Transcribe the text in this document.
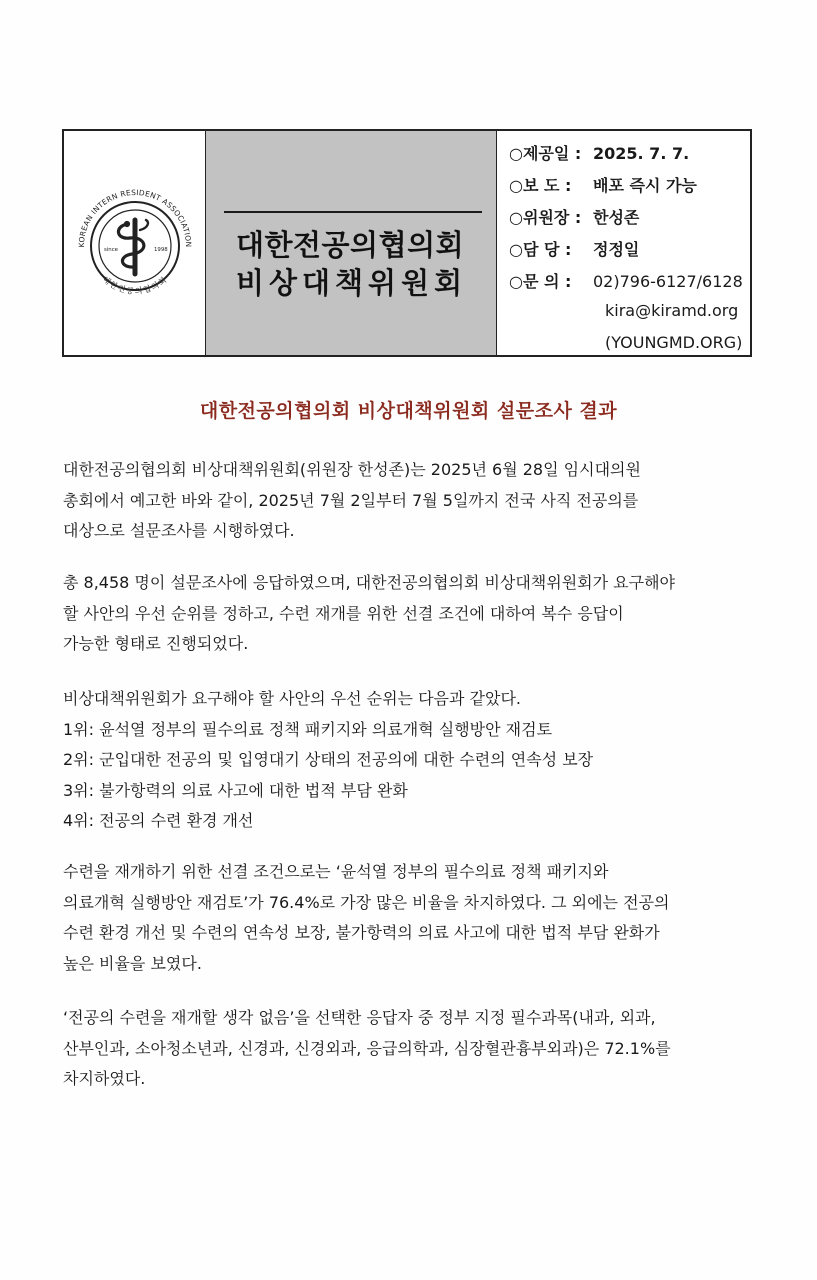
KOREAN INTERN RESIDENT ASSOCIATION
대한전공의협의회
since	1998 대한전공의협의회
비상대책위원회
○제공일 : 2025. 7. 7.
○보 도 :	배포 즉시 가능
○위원장 : 한성존
○담 당 :	정정일
○문 의 :	02)796-6127/6128
kira@kiramd.org
(YOUNGMD.ORG)
대한전공의협의회 비상대책위원회 설문조사 결과
대한전공의협의회 비상대책위원회(위원장 한성존)는 2025년 6월 28일 임시대의원
총회에서 예고한 바와 같이, 2025년 7월 2일부터 7월 5일까지 전국 사직 전공의를
대상으로 설문조사를 시행하였다.
총 8,458 명이 설문조사에 응답하였으며, 대한전공의협의회 비상대책위원회가 요구해야
할 사안의 우선 순위를 정하고, 수련 재개를 위한 선결 조건에 대하여 복수 응답이
가능한 형태로 진행되었다.
비상대책위원회가 요구해야 할 사안의 우선 순위는 다음과 같았다.
1위: 윤석열 정부의 필수의료 정책 패키지와 의료개혁 실행방안 재검토
2위: 군입대한 전공의 및 입영대기 상태의 전공의에 대한 수련의 연속성 보장
3위: 불가항력의 의료 사고에 대한 법적 부담 완화
4위: 전공의 수련 환경 개선
수련을 재개하기 위한 선결 조건으로는 ‘윤석열 정부의 필수의료 정책 패키지와
의료개혁 실행방안 재검토’가 76.4%로 가장 많은 비율을 차지하였다. 그 외에는 전공의
수련 환경 개선 및 수련의 연속성 보장, 불가항력의 의료 사고에 대한 법적 부담 완화가
높은 비율을 보였다.
‘전공의 수련을 재개할 생각 없음’을 선택한 응답자 중 정부 지정 필수과목(내과, 외과,
산부인과, 소아청소년과, 신경과, 신경외과, 응급의학과, 심장혈관흉부외과)은 72.1%를
차지하였다.
